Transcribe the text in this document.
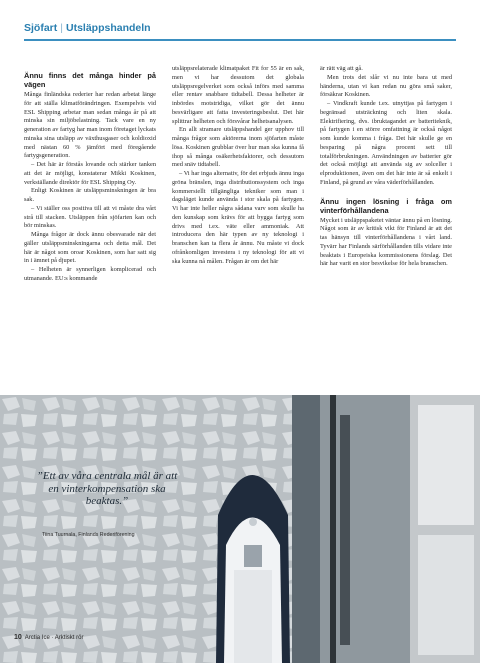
Sjöfart | Utsläppshandeln
Ännu finns det många hinder på vägen

Många finländska rederier har redan arbetat länge för att ställa klimatförändringen. Exempelvis vid ESL Shipping arbetar man sedan många år på att minska sin miljöbelastning. Tack vare en ny generation av fartyg har man inom företaget lyckats minska sina utsläpp av växthusgaser och koldioxid med nästan 60 % jämfört med föregående fartygsgeneration.

– Det här är förstås lovande och stärker tanken att det är möjligt, konstaterar Mikki Koskinen, verkställande direktör för ESL Shipping Oy.

Enligt Koskinen är utsläppsminskningen är bra sak.

– Vi ställer oss positiva till att vi måste dra vårt strå till stacken. Utsläppen från sjöfarten kan och bör minskas.

Många frågor är dock ännu obesvarade när det gäller utsläppsminskningarna och detta mål. Det här är något som oroar Koskinen, som har satt sig in i ämnet på djupet.

– Helheten är synnerligen komplicerad och utmanande. EU:s kommande

utsläppsrelaterade klimatpaket Fit for 55 är en sak, men vi har dessutom det globala utsläppsregelverket som också införs med samma eller rentav snabbare tidtabell. Dessa helheter är inbördes motstridiga, vilket gör det ännu besvärligare att fatta investeringsbeslut. Det här splittrar helheten och försvårar helhetsanalysen.

En allt stramare utsläppshandel ger upphov till många frågor som aktörerna inom sjöfarten måste lösa. Koskinen grubblar över hur man ska kunna få ihop så många osäkerhetsfaktorer, och dessutom med snäv tidtabell.

– Vi har inga alternativ, för det erbjuds ännu inga gröna bränslen, inga distributionssystem och inga kommersiellt tillgängliga tekniker som man i dagsläget kunde använda i stor skala på fartygen. Vi har inte heller några sådana varv som skulle ha den kunskap som krävs för att bygga fartyg som drivs med t.ex. väte eller ammoniak. Att introducera den här typen av ny teknologi i branschen kan ta flera år ännu. Nu måste vi dock ofrånkomligen investera i ny teknologi för att vi ska kunna nå målen. Frågan är om det här

är rätt väg att gå.

Men trots det slår vi nu inte bara ut med händerna, utan vi kan redan nu göra små saker, försäkrar Koskinen.

– Vindkraft kunde t.ex. utnyttjas på fartygen i begränsad utsträckning och liten skala. Elektrifiering, dvs. ibruktagandet av batteriteknik, på fartygen i en större omfattning är också något som kunde komma i fråga. Det här skulle ge en besparing på några procent sett till totalförbrukningen. Användningen av batterier gör det också möjligt att använda sig av solceller i elproduktionen, även om det här inte är så enkelt i Finland, på grund av våra väderförhållanden.

Ännu ingen lösning i fråga om vinterförhållandena

Mycket i utsläppspaketet väntar ännu på en lösning. Något som är av kritisk vikt för Finland är att det tas hänsyn till vinterförhållandena i vårt land. Tyvärr har Finlands särförhållanden tills vidare inte beaktats i Europeiska kommissionens förslag. Det här har varit en stor besvikelse för hela branschen.

”Ett av våra centrala mål är att en vinterkompensation ska beaktas.”
Tiina Tuurnala, Finlands Rederiförening
10 Arctia Ice · Arktiskt rör
